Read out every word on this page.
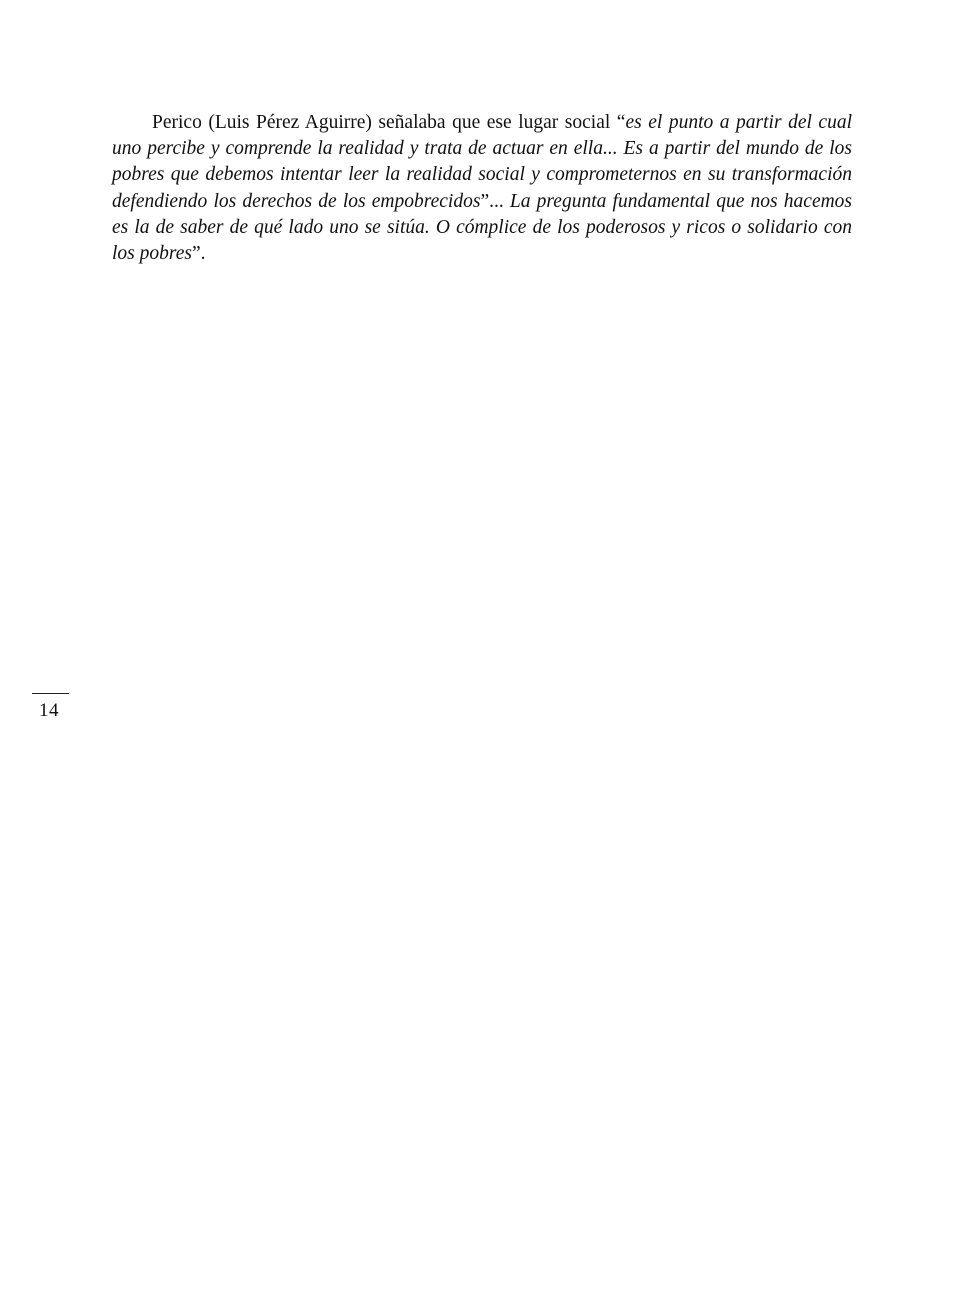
Perico (Luis Pérez Aguirre) señalaba que ese lugar social “es el punto a partir del cual uno percibe y comprende la realidad y trata de actuar en ella... Es a partir del mundo de los pobres que debemos intentar leer la realidad social y comprometernos en su transformación defendiendo los derechos de los empobrecidos”... La pregunta fundamental que nos hacemos es la de saber de qué lado uno se sitúa. O cómplice de los poderosos y ricos o solidario con los pobres”.

14
